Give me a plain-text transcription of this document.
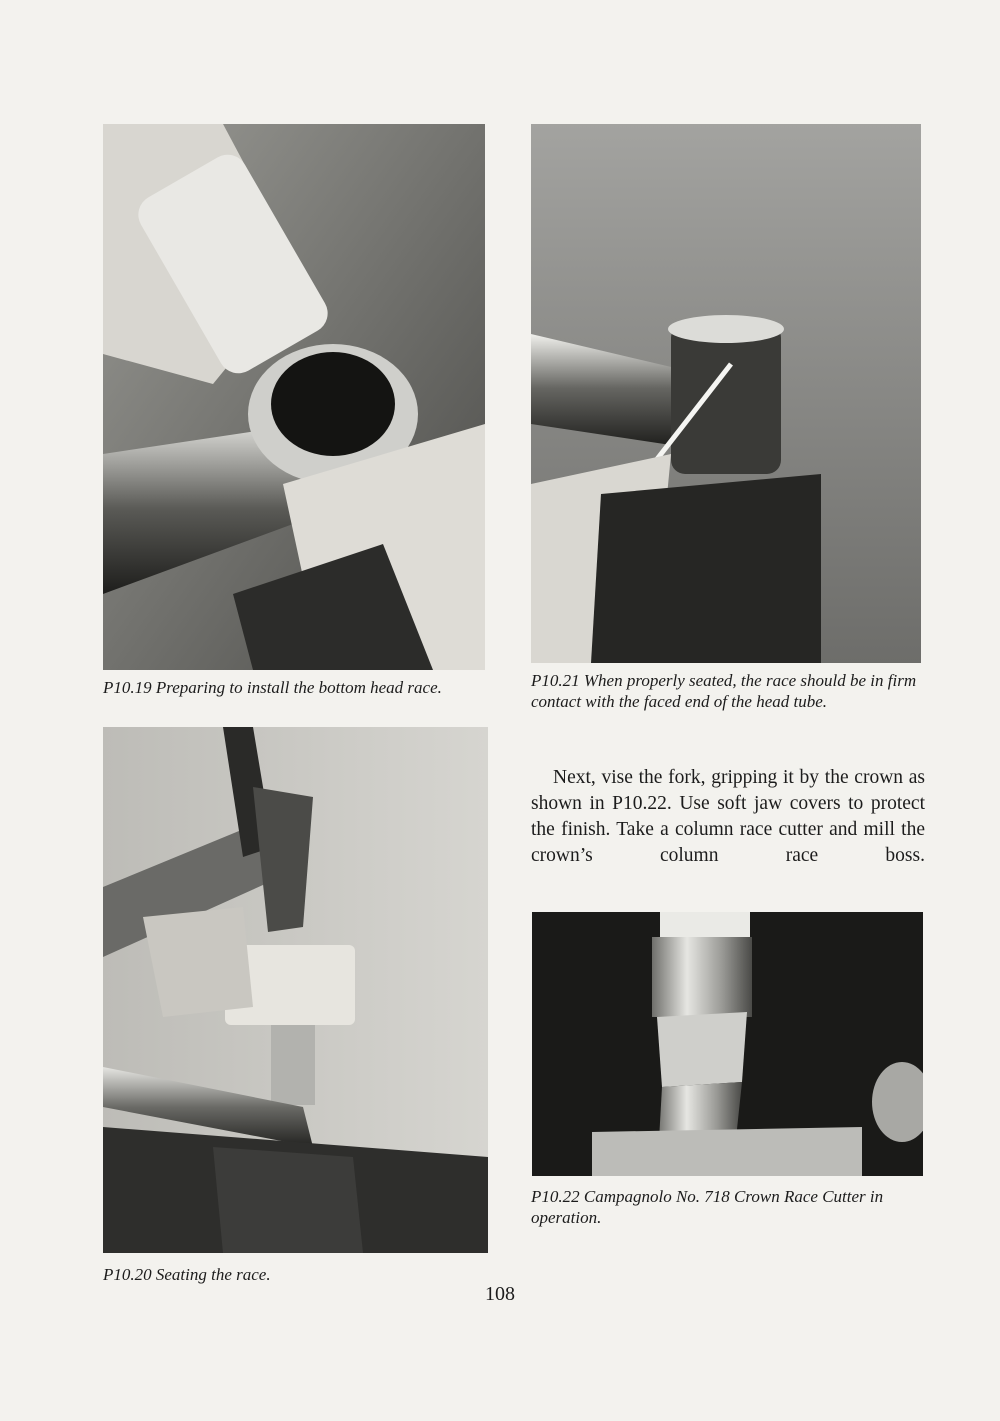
P10.19 Preparing to install the bottom head race.	P10.21 When properly seated, the race should be in firm contact with the faced end of the head tube.
P10.20 Seating the race.

Next, vise the fork, gripping it by the crown as shown in P10.22. Use soft jaw covers to protect the finish. Take a column race cutter and mill the crown’s column race boss.

P10.22 Campagnolo No. 718 Crown Race Cutter in operation.
108
